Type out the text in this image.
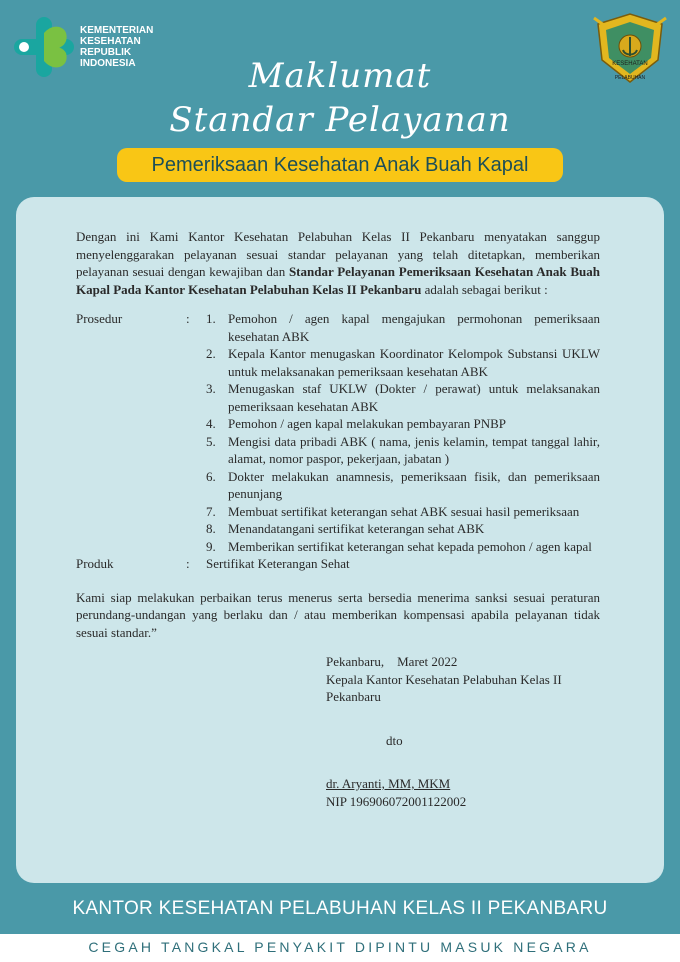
KEMENTERIAN
KESEHATAN
REPUBLIK
INDONESIA	KESEHATAN
PELABUHAN
Maklumat
Standar Pelayanan
Pemeriksaan Kesehatan Anak Buah Kapal

Dengan ini Kami Kantor Kesehatan Pelabuhan Kelas II Pekanbaru menyatakan sanggup menyelenggarakan pelayanan sesuai standar pelayanan yang telah ditetapkan, memberikan pelayanan sesuai dengan kewajiban dan Standar Pelayanan Pemeriksaan Kesehatan Anak Buah Kapal Pada Kantor Kesehatan Pelabuhan Kelas II Pekanbaru adalah sebagai berikut :

Prosedur	:	1. Pemohon / agen kapal mengajukan permohonan pemeriksaan kesehatan ABK
2. Kepala Kantor menugaskan Koordinator Kelompok Substansi UKLW untuk melaksanakan pemeriksaan kesehatan ABK
3. Menugaskan staf UKLW (Dokter / perawat) untuk melaksanakan pemeriksaan kesehatan ABK
4. Pemohon / agen kapal melakukan pembayaran PNBP
5. Mengisi data pribadi ABK ( nama, jenis kelamin, tempat tanggal lahir, alamat, nomor paspor, pekerjaan, jabatan )
6. Dokter melakukan anamnesis, pemeriksaan fisik, dan pemeriksaan penunjang
7. Membuat sertifikat keterangan sehat ABK sesuai hasil pemeriksaan
8. Menandatangani sertifikat keterangan sehat ABK
9. Memberikan sertifikat keterangan sehat kepada pemohon / agen kapal
Produk	:	Sertifikat Keterangan Sehat

Kami siap melakukan perbaikan terus menerus serta bersedia menerima sanksi sesuai peraturan perundang-undangan yang berlaku dan / atau memberikan kompensasi apabila pelayanan tidak sesuai standar.”

Pekanbaru,    Maret 2022
Kepala Kantor Kesehatan Pelabuhan Kelas II
Pekanbaru
dto
dr. Aryanti, MM, MKM
NIP 196906072001122002
KANTOR KESEHATAN PELABUHAN KELAS II PEKANBARU
CEGAH TANGKAL PENYAKIT DIPINTU MASUK NEGARA
